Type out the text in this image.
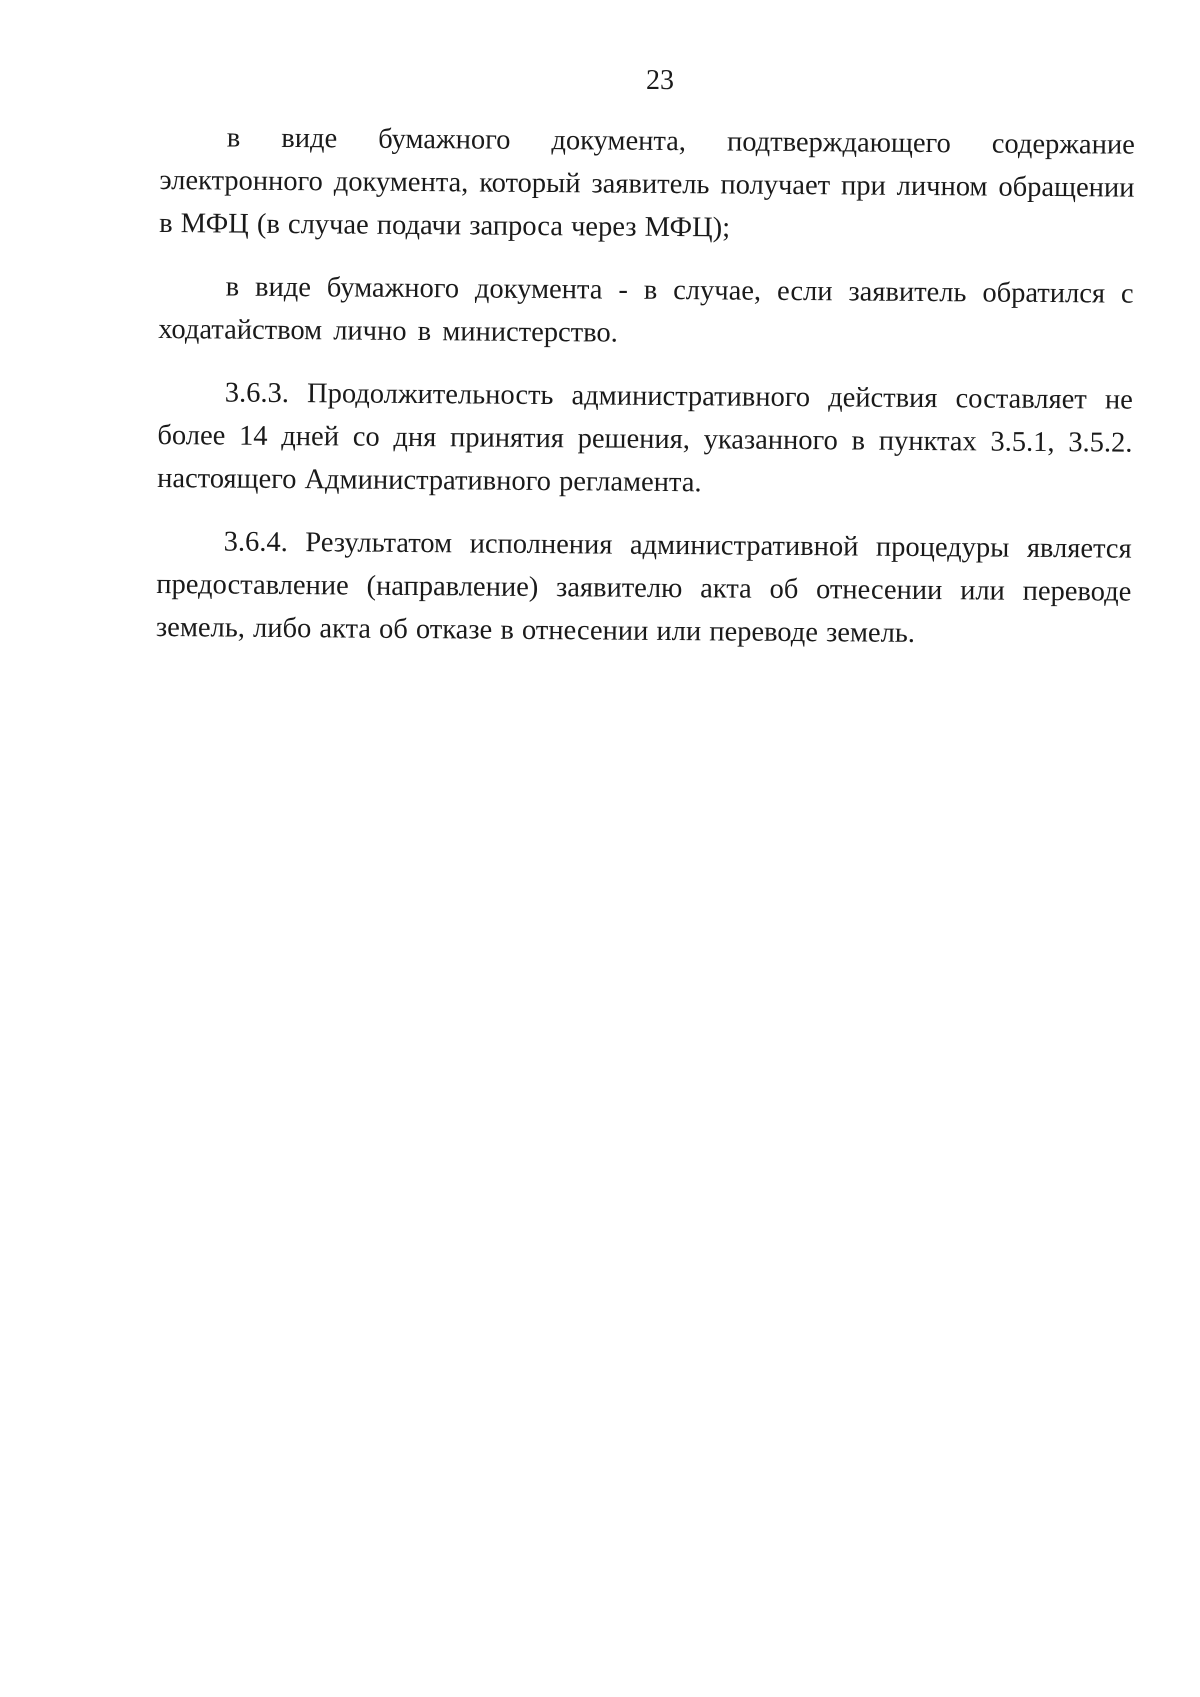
23

в виде бумажного документа, подтверждающего содержание электронного документа, который заявитель получает при личном обращении в МФЦ (в случае подачи запроса через МФЦ);

в виде бумажного документа - в случае, если заявитель обратился с ходатайством лично в министерство.

3.6.3. Продолжительность административного действия составляет не более 14 дней со дня принятия решения, указанного в пунктах 3.5.1, 3.5.2. настоящего Административного регламента.

3.6.4. Результатом исполнения административной процедуры является предоставление (направление) заявителю акта об отнесении или переводе земель, либо акта об отказе в отнесении или переводе земель.
